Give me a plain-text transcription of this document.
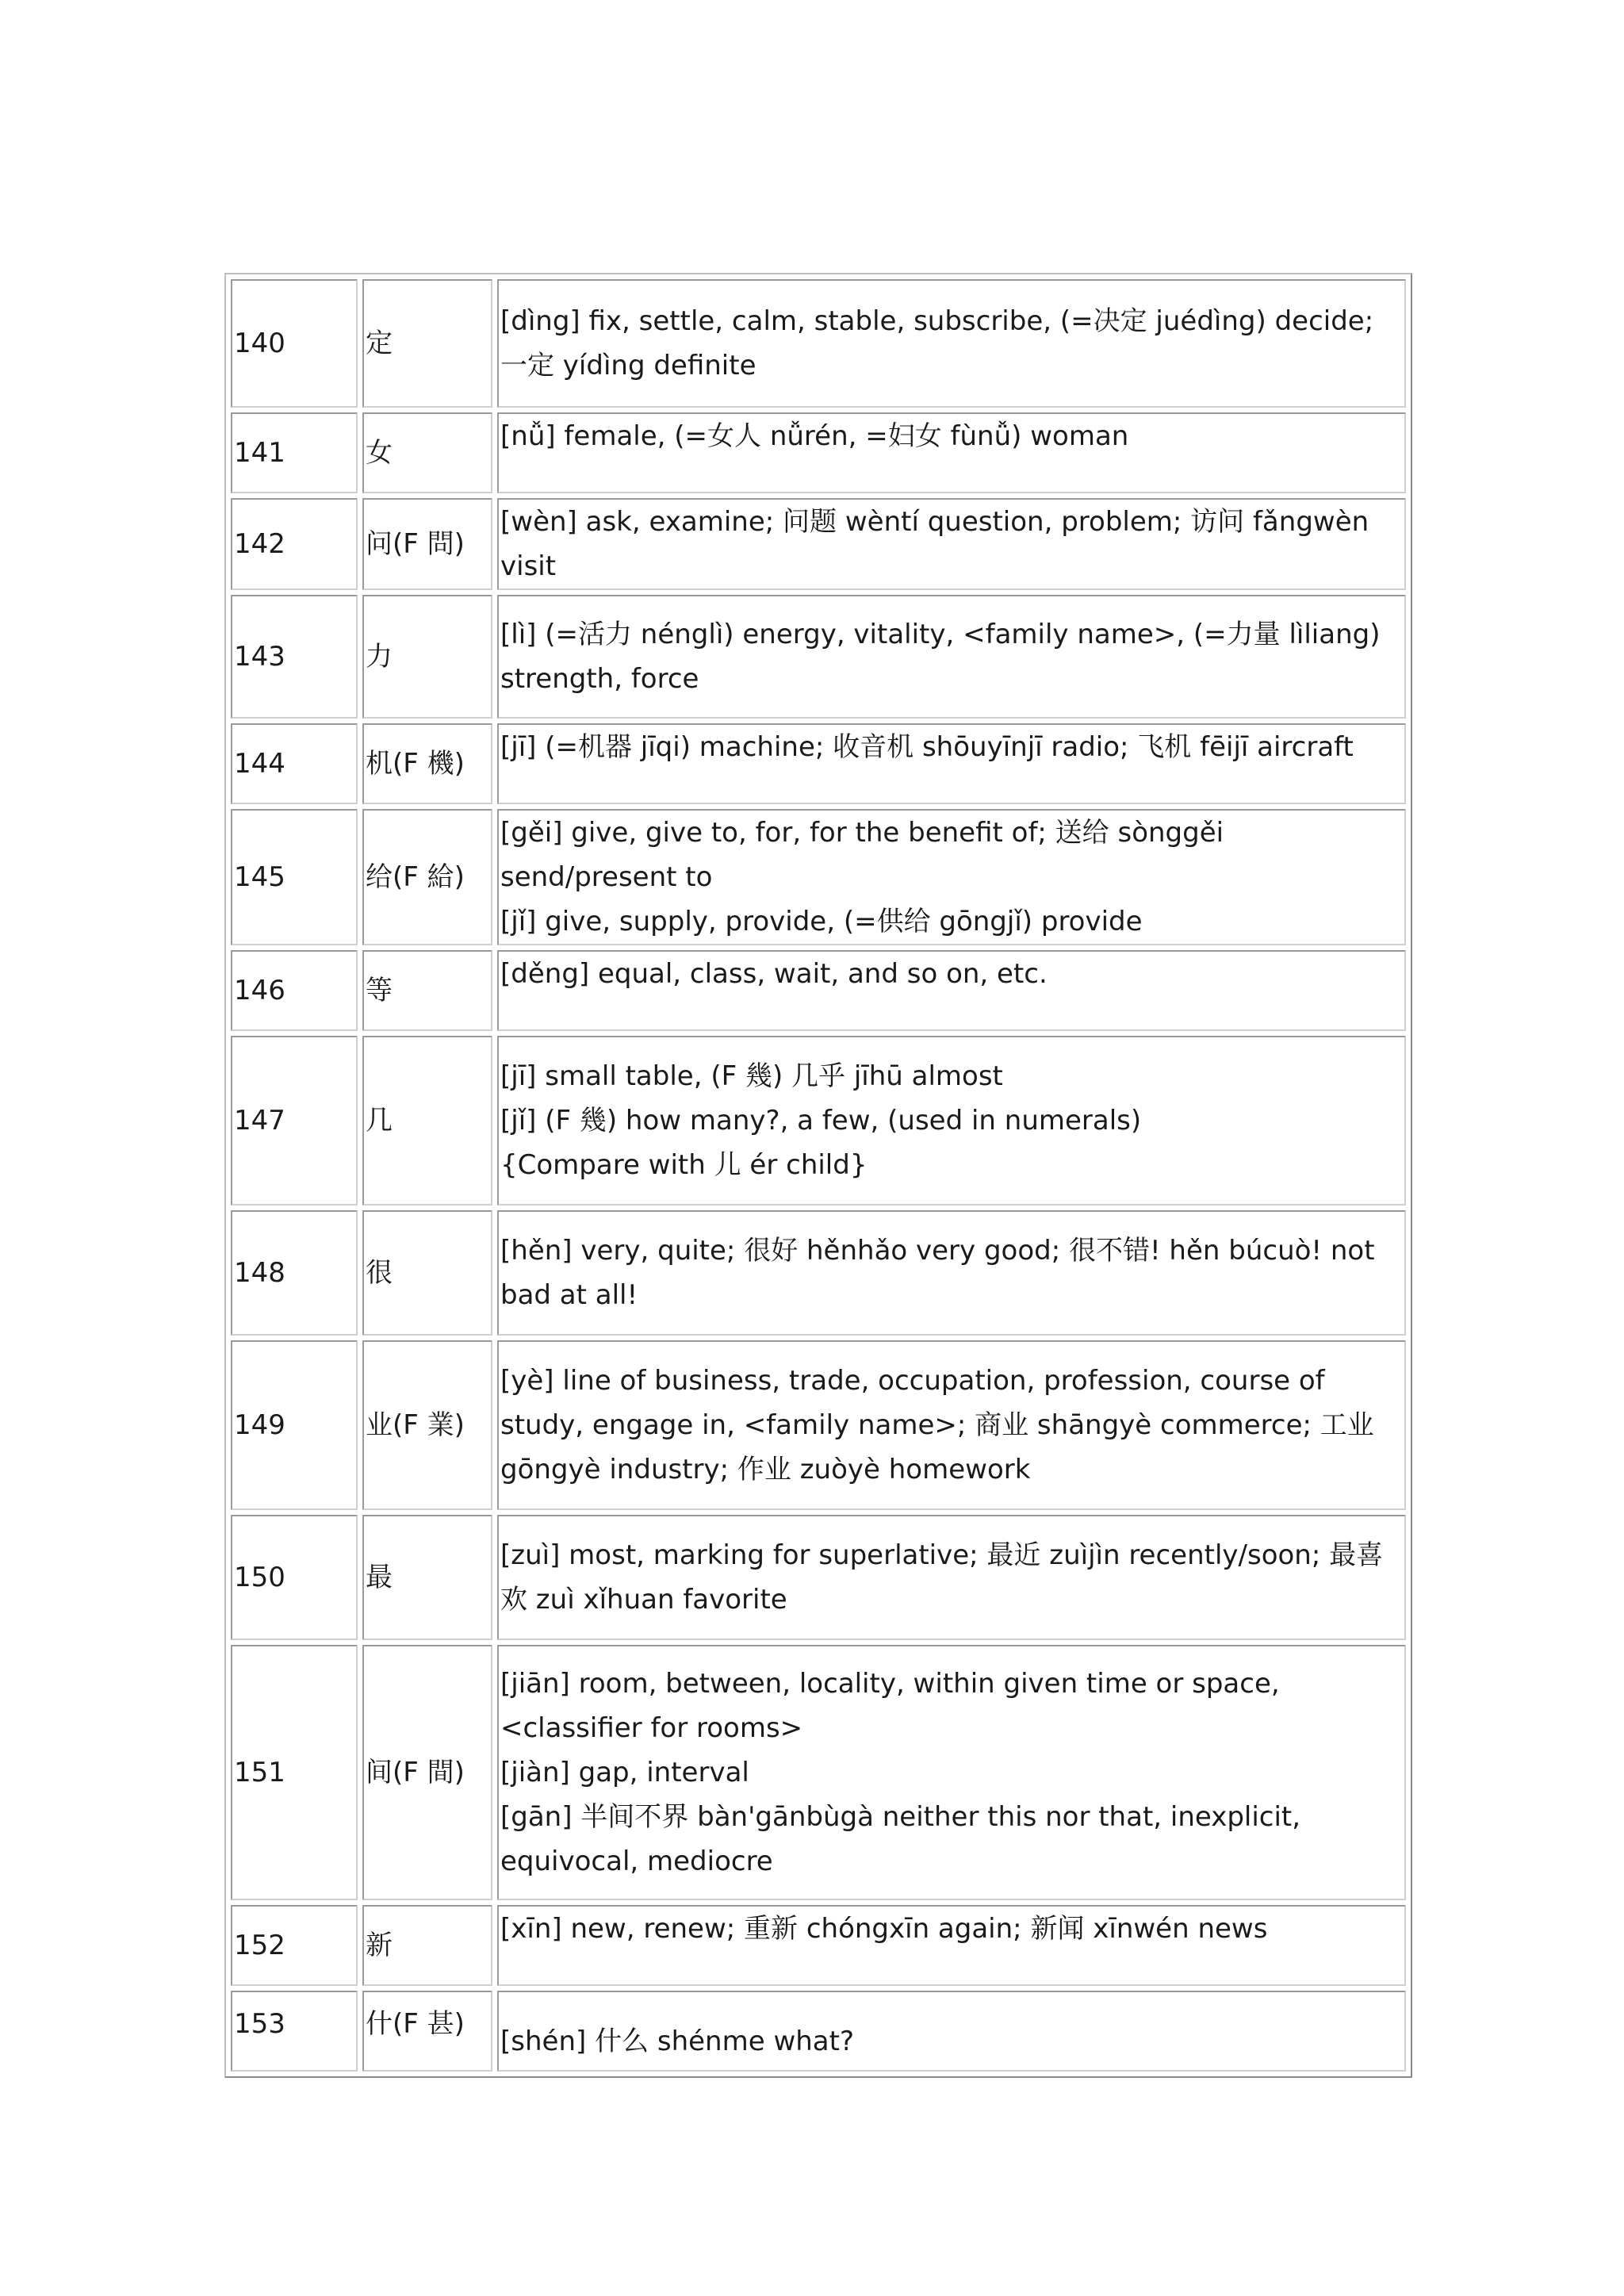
140	定	[dìng] fix, settle, calm, stable, subscribe, (=决定 juédìng) decide; 一定 yídìng definite

141	女	[nǚ] female, (=女人 nǚrén, =妇女 fùnǚ) woman

142	问(F 問)	[wèn] ask, examine; 问题 wèntí question, problem; 访问 fǎngwèn visit

143	力	[lì] (=活力 nénglì) energy, vitality, <family name>, (=力量 lìliang) strength, force

144	机(F 機)	[jī] (=机器 jīqi) machine; 收音机 shōuyīnjī radio; 飞机 fēijī aircraft

145	给(F 給)	[gěi] give, give to, for, for the benefit of; 送给 sònggěi send/present to
[jǐ] give, supply, provide, (=供给 gōngjǐ) provide

146	等	[děng] equal, class, wait, and so on, etc.

147	几	[jī] small table, (F 幾) 几乎 jīhū almost
[jǐ] (F 幾) how many?, a few, (used in numerals)
{Compare with 儿 ér child}

148	很	[hěn] very, quite; 很好 hěnhǎo very good; 很不错! hěn búcuò! not bad at all!

149	业(F 業)	[yè] line of business, trade, occupation, profession, course of study, engage in, <family name>; 商业 shāngyè commerce; 工业 gōngyè industry; 作业 zuòyè homework

150	最	[zuì] most, marking for superlative; 最近 zuìjìn recently/soon; 最喜欢 zuì xǐhuan favorite

151	间(F 間)	[jiān] room, between, locality, within given time or space, <classifier for rooms>
[jiàn] gap, interval
[gān] 半间不界 bàn'gānbùgà neither this nor that, inexplicit, equivocal, mediocre

152	新	[xīn] new, renew; 重新 chóngxīn again; 新闻 xīnwén news

153	什(F 甚)	[shén] 什么 shénme what?
